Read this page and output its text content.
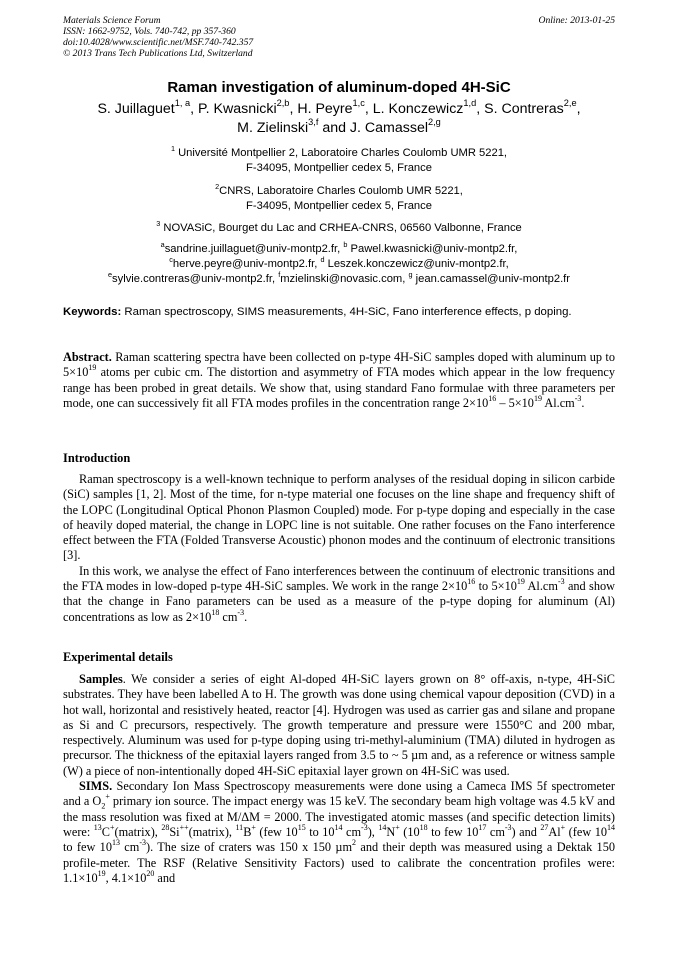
Materials Science Forum
ISSN: 1662-9752, Vols. 740-742, pp 357-360
doi:10.4028/www.scientific.net/MSF.740-742.357
© 2013 Trans Tech Publications Ltd, Switzerland
Online: 2013-01-25
Raman investigation of aluminum-doped 4H-SiC
S. Juillaguet$^{1, a}$, P. Kwasnicki$^{2,b}$, H. Peyre$^{1,c}$, L. Konczewicz$^{1,d}$, S. Contreras$^{2,e}$,
M. Zielinski$^{3,f}$ and J. Camassel$^{2,g}$
$^1$ Université Montpellier 2, Laboratoire Charles Coulomb UMR 5221,
F-34095, Montpellier cedex 5, France
$^2$CNRS, Laboratoire Charles Coulomb UMR 5221,
F-34095, Montpellier cedex 5, France
$^3$ NOVASiC, Bourget du Lac and CRHEA-CNRS, 06560 Valbonne, France
$^a$sandrine.juillaguet@univ-montp2.fr, $^b$ Pawel.kwasnicki@univ-montp2.fr,
$^c$herve.peyre@univ-montp2.fr, $^d$ Leszek.konczewicz@univ-montp2.fr,
$^e$sylvie.contreras@univ-montp2.fr, $^f$mzielinski@novasic.com, $^g$ jean.camassel@univ-montp2.fr
Keywords: Raman spectroscopy, SIMS measurements, 4H-SiC, Fano interference effects, p doping.

Abstract. Raman scattering spectra have been collected on p-type 4H-SiC samples doped with aluminum up to $5\times 10^{19}$ atoms per cubic cm. The distortion and asymmetry of FTA modes which appear in the low frequency range has been probed in great details. We show that, using standard Fano formulae with three parameters per mode, one can successively fit all FTA modes profiles in the concentration range $2\times 10^{16} - 5\times 10^{19}$ $Al.cm^{-3}$.

Introduction

Raman spectroscopy is a well-known technique to perform analyses of the residual doping in silicon carbide (SiC) samples [1, 2]. Most of the time, for n-type material one focuses on the line shape and frequency shift of the LOPC (Longitudinal Optical Phonon Plasmon Coupled) mode. For p-type doping and especially in the case of heavily doped material, the change in LOPC line is not suitable. One rather focuses on the Fano interference effect between the FTA (Folded Transverse Acoustic) phonon modes and the continuum of electronic transitions [3].

In this work, we analyse the effect of Fano interferences between the continuum of electronic transitions and the FTA modes in low-doped p-type 4H-SiC samples. We work in the range $2\times 10^{16}$ to $5\times 10^{19}$ $Al.cm^{-3}$ and show that the change in Fano parameters can be used as a measure of the p-type doping for aluminum (Al) concentrations as low as $2\times 10^{18}$ $cm^{-3}$.

Experimental details

Samples. We consider a series of eight Al-doped 4H-SiC layers grown on 8° off-axis, n-type, 4H-SiC substrates. They have been labelled A to H. The growth was done using chemical vapour deposition (CVD) in a hot wall, horizontal and resistively heated, reactor [4]. Hydrogen was used as carrier gas and silane and propane as Si and C precursors, respectively. The growth temperature and pressure were 1550°C and 200 mbar, respectively. Aluminum was used for p-type doping using tri-methyl-aluminium (TMA) diluted in hydrogen as precursor. The thickness of the epitaxial layers ranged from 3.5 to ~ 5 µm and, as a reference or witness sample (W) a piece of non-intentionally doped 4H-SiC epitaxial layer grown on 4H-SiC was used.

SIMS. Secondary Ion Mass Spectroscopy measurements were done using a Cameca IMS 5f spectrometer and a $O_2^+$ primary ion source. The impact energy was 15 keV. The secondary beam high voltage was 4.5 kV and the mass resolution was fixed at M/ΔM = 2000. The investigated atomic masses (and specific detection limits) were: $^{13}$C+(matrix), $^{28}$Si++(matrix), $^{11}$B+ (few $10^{15}$ to $10^{14}$ $cm^{-3}$), $^{14}$N+ ($10^{18}$ to few $10^{17}$ $cm^{-3}$) and $^{27}$Al+ (few $10^{14}$ to few $10^{13}$ $cm^{-3}$). The size of craters was 150 x 150 µm$^2$ and their depth was measured using a Dektak 150 profile-meter. The RSF (Relative Sensitivity Factors) used to calibrate the concentration profiles were: $1.1\times 10^{19}$, $4.1\times 10^{20}$ and
